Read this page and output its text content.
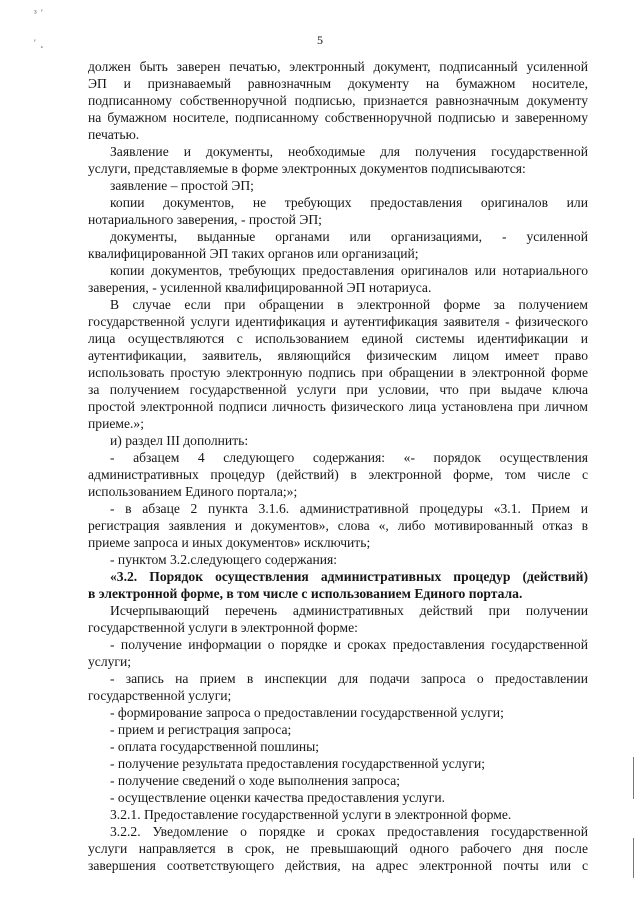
³ ′
′ ¸	5
должен быть заверен печатью, электронный документ, подписанный усиленной
ЭП и признаваемый равнозначным документу на бумажном носителе,
подписанному собственноручной подписью, признается равнозначным документу
на бумажном носителе, подписанному собственноручной подписью и заверенному
печатью.
Заявление и документы, необходимые для получения государственной
услуги, представляемые в форме электронных документов подписываются:
заявление – простой ЭП;
копии документов, не требующих предоставления оригиналов или
нотариального заверения, - простой ЭП;
документы, выданные органами или организациями, - усиленной
квалифицированной ЭП таких органов или организаций;
копии документов, требующих предоставления оригиналов или нотариального
заверения, - усиленной квалифицированной ЭП нотариуса.
В случае если при обращении в электронной форме за получением
государственной услуги идентификация и аутентификация заявителя - физического
лица осуществляются с использованием единой системы идентификации и
аутентификации, заявитель, являющийся физическим лицом имеет право
использовать простую электронную подпись при обращении в электронной форме
за получением государственной услуги при условии, что при выдаче ключа
простой электронной подписи личность физического лица установлена при личном
приеме.»;
и) раздел III дополнить:
- абзацем 4 следующего содержания: «- порядок осуществления
административных процедур (действий) в электронной форме, том числе с
использованием Единого портала;»;
- в абзаце 2 пункта 3.1.6. административной процедуры «3.1. Прием и
регистрация заявления и документов», слова «, либо мотивированный отказ в
приеме запроса и иных документов» исключить;
- пунктом 3.2.следующего содержания:
«3.2. Порядок осуществления административных процедур (действий)
в электронной форме, в том числе с использованием Единого портала.
Исчерпывающий перечень административных действий при получении
государственной услуги в электронной форме:
- получение информации о порядке и сроках предоставления государственной
услуги;
- запись на прием в инспекции для подачи запроса о предоставлении
государственной услуги;
- формирование запроса о предоставлении государственной услуги;
- прием и регистрация запроса;
- оплата государственной пошлины;
- получение результата предоставления государственной услуги;
- получение сведений о ходе выполнения запроса;
- осуществление оценки качества предоставления услуги.
3.2.1. Предоставление государственной услуги в электронной форме.
3.2.2. Уведомление о порядке и сроках предоставления государственной
услуги направляется в срок, не превышающий одного рабочего дня после
завершения соответствующего действия, на адрес электронной почты или с
